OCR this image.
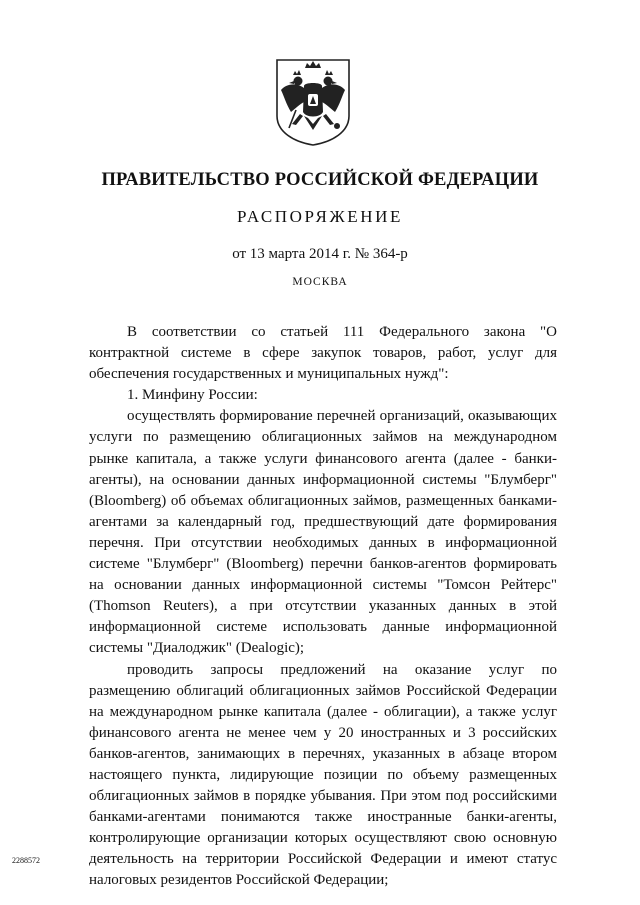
ПРАВИТЕЛЬСТВО РОССИЙСКОЙ ФЕДЕРАЦИИ
РАСПОРЯЖЕНИЕ
от 13 марта 2014 г. № 364-р
МОСКВА

В соответствии со статьей 111 Федерального закона "О контрактной системе в сфере закупок товаров, работ, услуг для обеспечения государственных и муниципальных нужд":

1. Минфину России:

осуществлять формирование перечней организаций, оказывающих услуги по размещению облигационных займов на международном рынке капитала, а также услуги финансового агента (далее - банки-агенты), на основании данных информационной системы "Блумберг" (Bloomberg) об объемах облигационных займов, размещенных банками-агентами за календарный год, предшествующий дате формирования перечня. При отсутствии необходимых данных в информационной системе "Блумберг" (Bloomberg) перечни банков-агентов формировать на основании данных информационной системы "Томсон Рейтерс" (Thomson Reuters), а при отсутствии указанных данных в этой информационной системе использовать данные информационной системы "Диалоджик" (Dealogic);

проводить запросы предложений на оказание услуг по размещению облигаций облигационных займов Российской Федерации на международном рынке капитала (далее - облигации), а также услуг финансового агента не менее чем у 20 иностранных и 3 российских банков-агентов, занимающих в перечнях, указанных в абзаце втором настоящего пункта, лидирующие позиции по объему размещенных облигационных займов в порядке убывания. При этом под российскими банками-агентами понимаются также иностранные банки-агенты, контролирующие организации которых осуществляют свою основную деятельность на территории Российской Федерации и имеют статус налоговых резидентов Российской Федерации;

2288572
